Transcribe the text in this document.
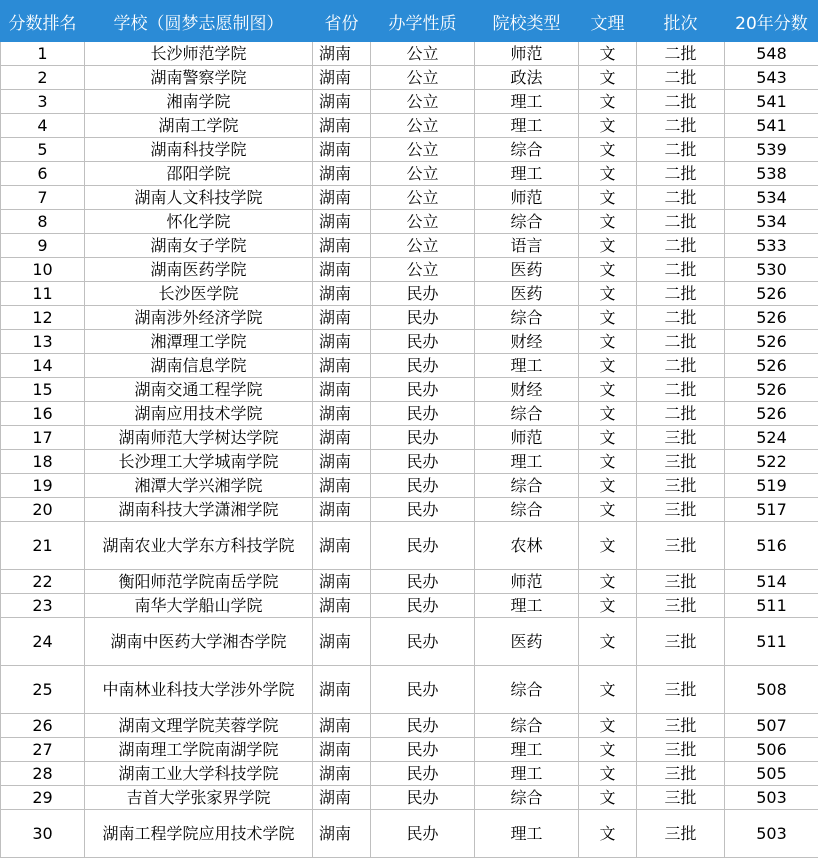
分数排名	学校（圆梦志愿制图）	省份	办学性质	院校类型	文理	批次	20年分数
1	长沙师范学院	湖南	公立	师范	文	二批	548
2	湖南警察学院	湖南	公立	政法	文	二批	543
3	湘南学院	湖南	公立	理工	文	二批	541
4	湖南工学院	湖南	公立	理工	文	二批	541
5	湖南科技学院	湖南	公立	综合	文	二批	539
6	邵阳学院	湖南	公立	理工	文	二批	538
7	湖南人文科技学院	湖南	公立	师范	文	二批	534
8	怀化学院	湖南	公立	综合	文	二批	534
9	湖南女子学院	湖南	公立	语言	文	二批	533
10	湖南医药学院	湖南	公立	医药	文	二批	530
11	长沙医学院	湖南	民办	医药	文	二批	526
12	湖南涉外经济学院	湖南	民办	综合	文	二批	526
13	湘潭理工学院	湖南	民办	财经	文	二批	526
14	湖南信息学院	湖南	民办	理工	文	二批	526
15	湖南交通工程学院	湖南	民办	财经	文	二批	526
16	湖南应用技术学院	湖南	民办	综合	文	二批	526
17	湖南师范大学树达学院	湖南	民办	师范	文	三批	524
18	长沙理工大学城南学院	湖南	民办	理工	文	三批	522
19	湘潭大学兴湘学院	湖南	民办	综合	文	三批	519
20	湖南科技大学潇湘学院	湖南	民办	综合	文	三批	517
21	湖南农业大学东方科技学院	湖南	民办	农林	文	三批	516
22	衡阳师范学院南岳学院	湖南	民办	师范	文	三批	514
23	南华大学船山学院	湖南	民办	理工	文	三批	511
24	湖南中医药大学湘杏学院	湖南	民办	医药	文	三批	511
25	中南林业科技大学涉外学院	湖南	民办	综合	文	三批	508
26	湖南文理学院芙蓉学院	湖南	民办	综合	文	三批	507
27	湖南理工学院南湖学院	湖南	民办	理工	文	三批	506
28	湖南工业大学科技学院	湖南	民办	理工	文	三批	505
29	吉首大学张家界学院	湖南	民办	综合	文	三批	503
30	湖南工程学院应用技术学院	湖南	民办	理工	文	三批	503
